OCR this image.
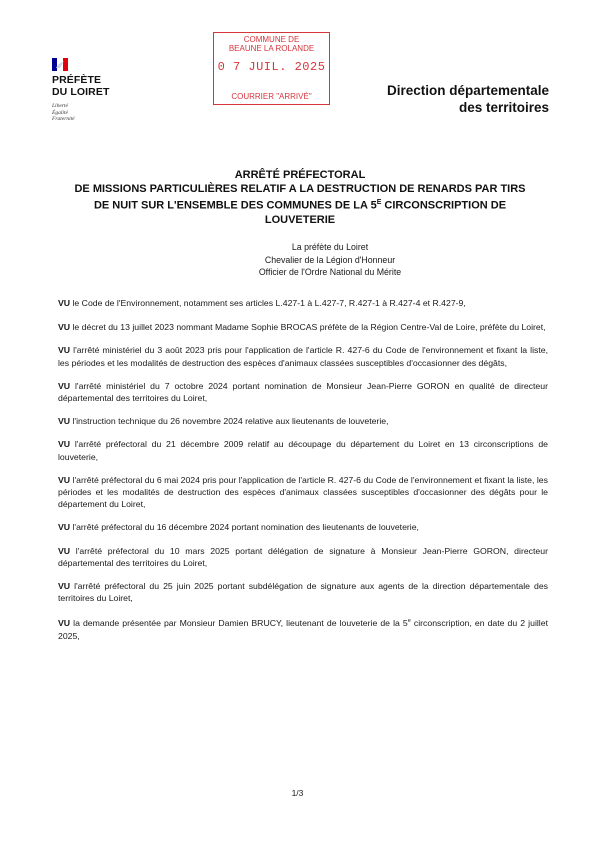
PRÉFÈTE
DU LOIRET
Liberté
Égalité
Fraternité
COMMUNE DE
BEAUNE LA ROLANDE
0 7 JUIL. 2025
COURRIER "ARRIVÉ"	Direction départementale
des territoires
ARRÊTÉ PRÉFECTORAL
DE MISSIONS PARTICULIÈRES RELATIF A LA DESTRUCTION DE RENARDS PAR TIRS
DE NUIT SUR L'ENSEMBLE DES COMMUNES DE LA $5^E$ CIRCONSCRIPTION DE
LOUVETERIE
La préfète du Loiret
Chevalier de la Légion d'Honneur
Officier de l'Ordre National du Mérite

VU le Code de l'Environnement, notamment ses articles L.427-1 à L.427-7, R.427-1 à R.427-4 et R.427-9,

VU le décret du 13 juillet 2023 nommant Madame Sophie BROCAS préfète de la Région Centre-Val de Loire, préfète du Loiret,

VU l'arrêté ministériel du 3 août 2023 pris pour l'application de l'article R. 427-6 du Code de l'environnement et fixant la liste, les périodes et les modalités de destruction des espèces d'animaux classées susceptibles d'occasionner des dégâts,

VU l'arrêté ministériel du 7 octobre 2024 portant nomination de Monsieur Jean-Pierre GORON en qualité de directeur départemental des territoires du Loiret,

VU l'instruction technique du 26 novembre 2024 relative aux lieutenants de louveterie,

VU l'arrêté préfectoral du 21 décembre 2009 relatif au découpage du département du Loiret en 13 circonscriptions de louveterie,

VU l'arrêté préfectoral du 6 mai 2024 pris pour l'application de l'article R. 427-6 du Code de l'environnement et fixant la liste, les périodes et les modalités de destruction des espèces d'animaux classées susceptibles d'occasionner des dégâts pour le département du Loiret,

VU l'arrêté préfectoral du 16 décembre 2024 portant nomination des lieutenants de louveterie,

VU l'arrêté préfectoral du 10 mars 2025 portant délégation de signature à Monsieur Jean-Pierre GORON, directeur départemental des territoires du Loiret,

VU l'arrêté préfectoral du 25 juin 2025 portant subdélégation de signature aux agents de la direction départementale des territoires du Loiret,

VU la demande présentée par Monsieur Damien BRUCY, lieutenant de louveterie de la 5e circonscription, en date du 2 juillet 2025,

1/3
